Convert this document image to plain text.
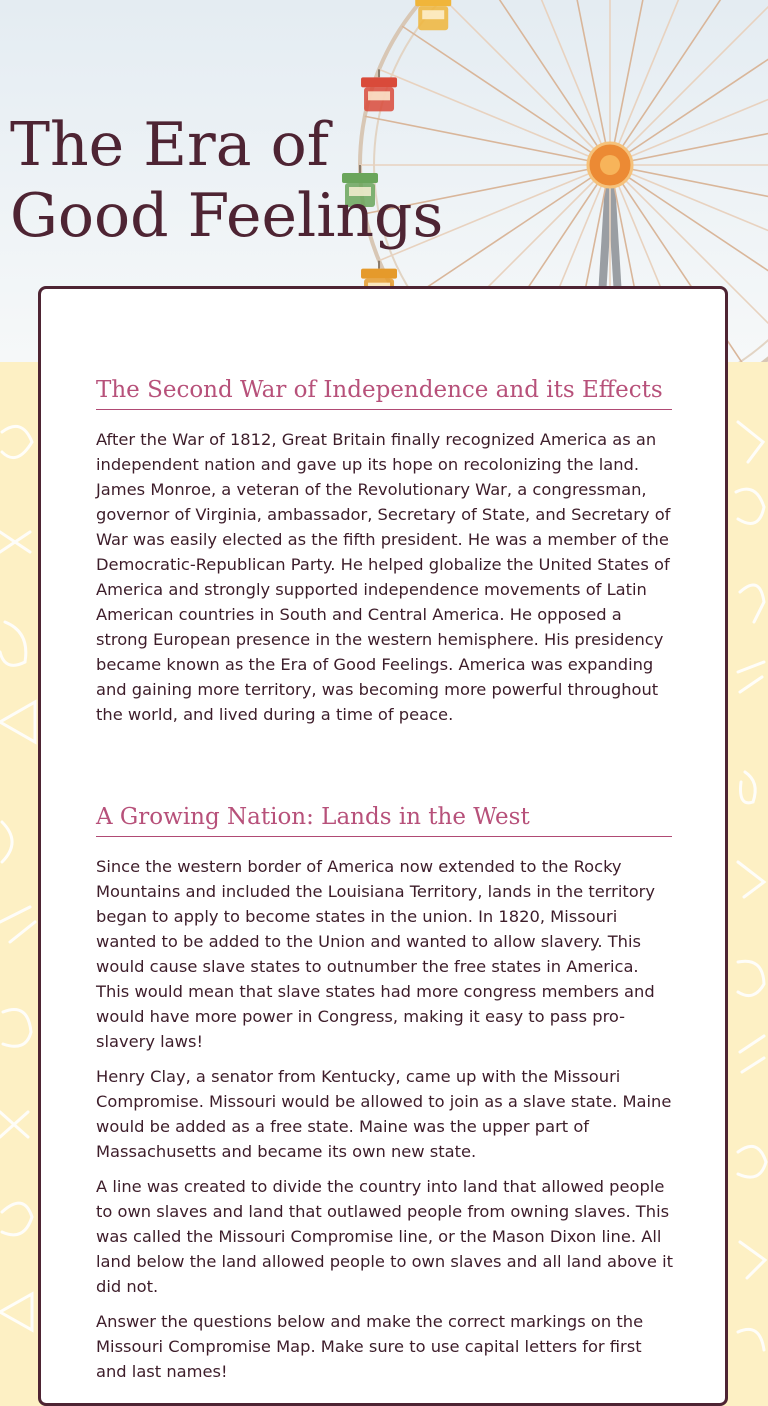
The Era of Good Feelings
The Second War of Independence and its Effects

After the War of 1812, Great Britain finally recognized America as an independent nation and gave up its hope on recolonizing the land. James Monroe, a veteran of the Revolutionary War, a congressman, governor of Virginia, ambassador, Secretary of State, and Secretary of War was easily elected as the fifth president. He was a member of the Democratic-Republican Party. He helped globalize the United States of America and strongly supported independence movements of Latin American countries in South and Central America. He opposed a strong European presence in the western hemisphere. His presidency became known as the Era of Good Feelings. America was expanding and gaining more territory, was becoming more powerful throughout the world, and lived during a time of peace.

A Growing Nation: Lands in the West

Since the western border of America now extended to the Rocky Mountains and included the Louisiana Territory, lands in the territory began to apply to become states in the union. In 1820, Missouri wanted to be added to the Union and wanted to allow slavery. This would cause slave states to outnumber the free states in America. This would mean that slave states had more congress members and would have more power in Congress, making it easy to pass pro-slavery laws!

Henry Clay, a senator from Kentucky, came up with the Missouri Compromise. Missouri would be allowed to join as a slave state. Maine would be added as a free state. Maine was the upper part of Massachusetts and became its own new state.

A line was created to divide the country into land that allowed people to own slaves and land that outlawed people from owning slaves. This was called the Missouri Compromise line, or the Mason Dixon line. All land below the land allowed people to own slaves and all land above it did not.

Answer the questions below and make the correct markings on the Missouri Compromise Map. Make sure to use capital letters for first and last names!
